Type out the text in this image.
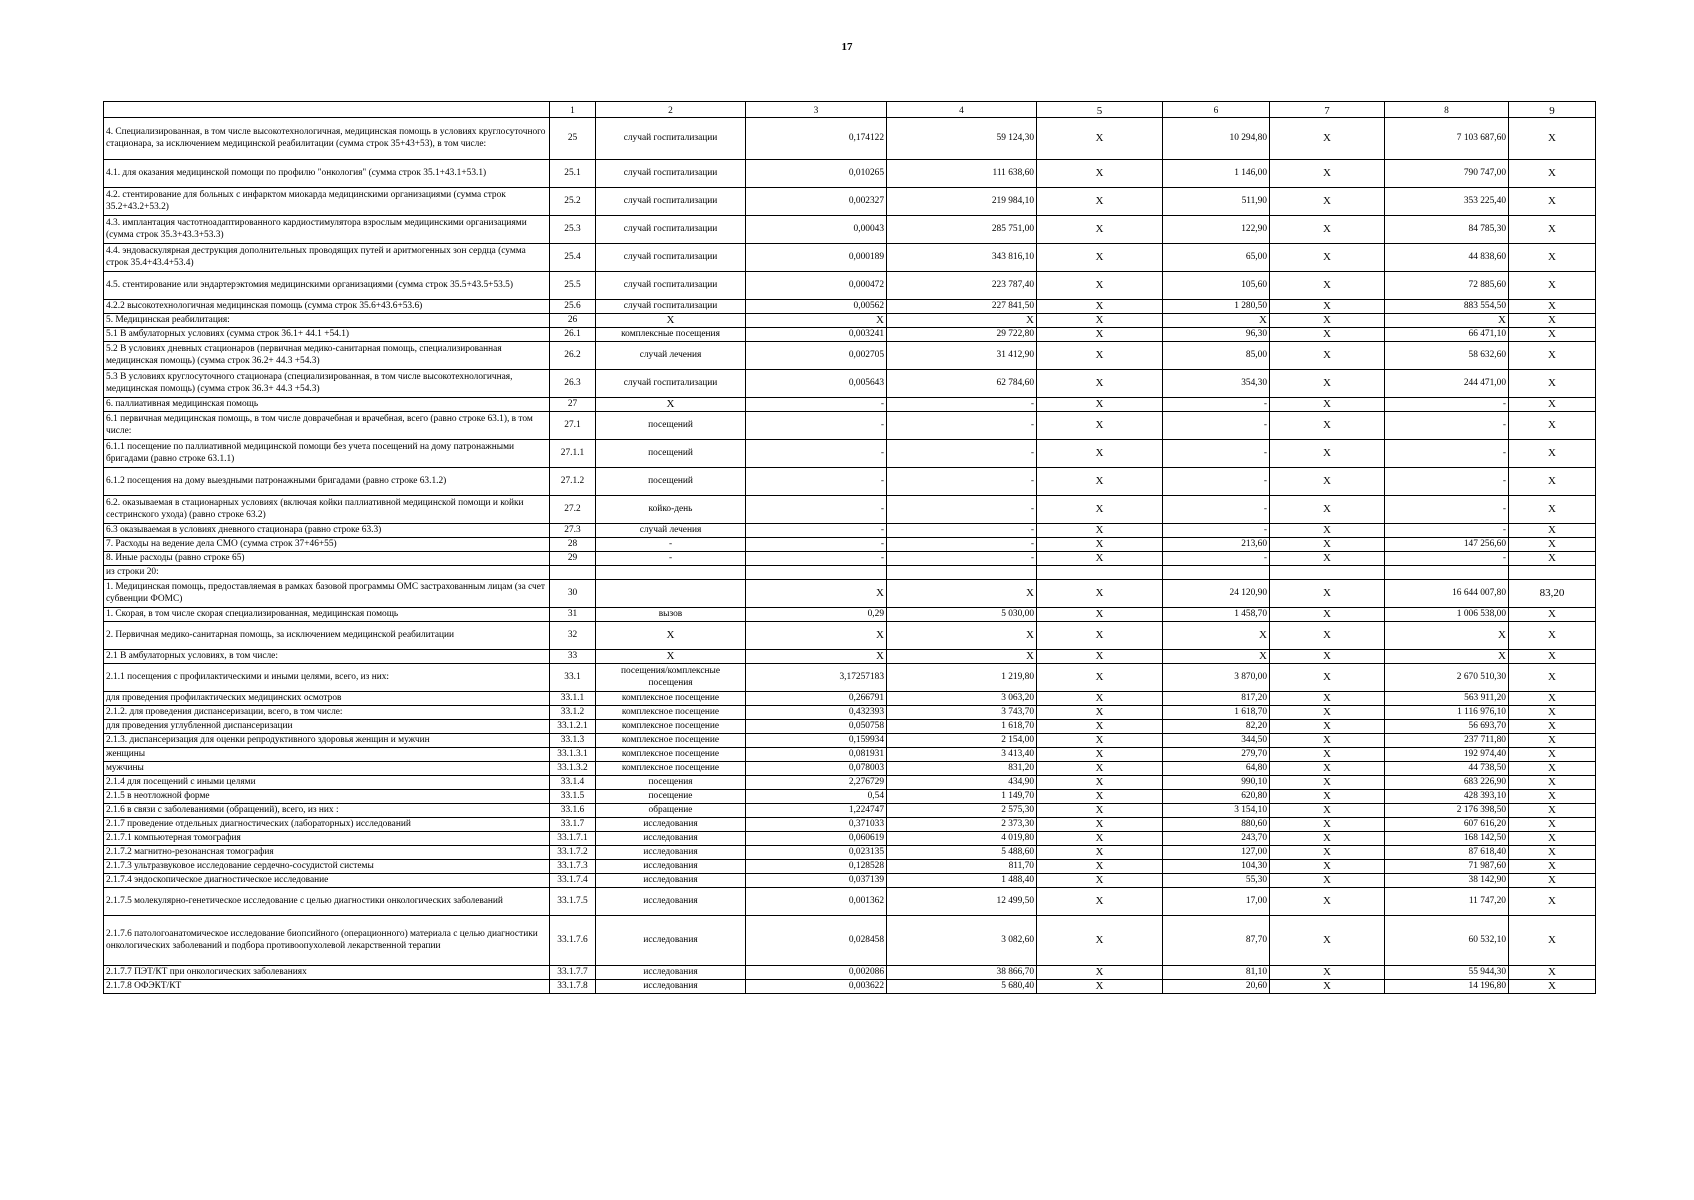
17
	1	2	3	4	5	6	7	8	9
4. Специализированная, в том числе высокотехнологичная, медицинская помощь в условиях круглосуточного стационара, за исключением медицинской реабилитации (сумма строк 35+43+53), в том числе:	25	случай госпитализации	0,174122	59 124,30	X	10 294,80	X	7 103 687,60	X
4.1. для оказания медицинской помощи по профилю "онкология" (сумма строк 35.1+43.1+53.1)	25.1	случай госпитализации	0,010265	111 638,60	X	1 146,00	X	790 747,00	X
4.2. стентирование для больных с инфарктом миокарда медицинскими организациями (сумма строк 35.2+43.2+53.2)	25.2	случай госпитализации	0,002327	219 984,10	X	511,90	X	353 225,40	X
4.3. имплантация частотноадаптированного кардиостимулятора взрослым медицинскими организациями (сумма строк 35.3+43.3+53.3)	25.3	случай госпитализации	0,00043	285 751,00	X	122,90	X	84 785,30	X
4.4. эндоваскулярная деструкция дополнительных проводящих путей и аритмогенных зон сердца (сумма строк 35.4+43.4+53.4)	25.4	случай госпитализации	0,000189	343 816,10	X	65,00	X	44 838,60	X
4.5. стентирование или эндартерэктомия медицинскими организациями (сумма строк 35.5+43.5+53.5)	25.5	случай госпитализации	0,000472	223 787,40	X	105,60	X	72 885,60	X
4.2.2 высокотехнологичная медицинская помощь (сумма строк 35.6+43.6+53.6)	25.6	случай госпитализации	0,00562	227 841,50	X	1 280,50	X	883 554,50	X
5. Медицинская реабилитация:	26	X	X	X	X	X	X	X	X
5.1 В амбулаторных условиях (сумма строк 36.1+ 44.1 +54.1)	26.1	комплексные посещения	0,003241	29 722,80	X	96,30	X	66 471,10	X
5.2 В условиях дневных стационаров (первичная медико-санитарная помощь, специализированная медицинская помощь) (сумма строк 36.2+ 44.3 +54.3)	26.2	случай лечения	0,002705	31 412,90	X	85,00	X	58 632,60	X
5.3 В условиях круглосуточного стационара (специализированная, в том числе высокотехнологичная, медицинская помощь) (сумма строк 36.3+ 44.3 +54.3)	26.3	случай госпитализации	0,005643	62 784,60	X	354,30	X	244 471,00	X
6. паллиативная медицинская помощь	27	X	-	-	X	-	X	-	X
6.1 первичная медицинская помощь, в том числе доврачебная и врачебная, всего (равно строке 63.1), в том числе:	27.1	посещений	-	-	X	-	X	-	X
6.1.1 посещение по паллиативной медицинской помощи без учета посещений на дому патронажными бригадами (равно строке 63.1.1)	27.1.1	посещений	-	-	X	-	X	-	X
6.1.2 посещения на дому выездными патронажными бригадами (равно строке 63.1.2)	27.1.2	посещений	-	-	X	-	X	-	X
6.2. оказываемая в стационарных условиях (включая койки паллиативной медицинской помощи и койки сестринского ухода) (равно строке 63.2)	27.2	койко-день	-	-	X	-	X	-	X
6.3 оказываемая в условиях дневного стационара (равно строке 63.3)	27.3	случай лечения	-	-	X	-	X	-	X
7. Расходы на ведение дела СМО (сумма строк 37+46+55)	28	-	-	-	X	213,60	X	147 256,60	X
8. Иные расходы (равно строке 65)	29	-	-	-	X	-	X	-	X
из строки 20:									
1. Медицинская помощь, предоставляемая в рамках базовой программы ОМС застрахованным лицам (за счет субвенции ФОМС)	30		X	X	X	24 120,90	X	16 644 007,80	83,20
1. Скорая, в том числе скорая специализированная, медицинская помощь	31	вызов	0,29	5 030,00	X	1 458,70	X	1 006 538,00	X
2. Первичная медико-санитарная помощь, за исключением медицинской реабилитации	32	X	X	X	X	X	X	X	X
2.1 В амбулаторных условиях, в том числе:	33	X	X	X	X	X	X	X	X
2.1.1 посещения с профилактическими и иными целями, всего, из них:	33.1	посещения/комплексные посещения	3,17257183	1 219,80	X	3 870,00	X	2 670 510,30	X
для проведения профилактических медицинских осмотров	33.1.1	комплексное посещение	0,266791	3 063,20	X	817,20	X	563 911,20	X
2.1.2. для проведения диспансеризации, всего, в том числе:	33.1.2	комплексное посещение	0,432393	3 743,70	X	1 618,70	X	1 116 976,10	X
для проведения углубленной диспансеризации	33.1.2.1	комплексное посещение	0,050758	1 618,70	X	82,20	X	56 693,70	X
2.1.3. диспансеризация для оценки репродуктивного здоровья женщин и мужчин	33.1.3	комплексное посещение	0,159934	2 154,00	X	344,50	X	237 711,80	X
женщины	33.1.3.1	комплексное посещение	0,081931	3 413,40	X	279,70	X	192 974,40	X
мужчины	33.1.3.2	комплексное посещение	0,078003	831,20	X	64,80	X	44 738,50	X
2.1.4 для посещений с иными целями	33.1.4	посещения	2,276729	434,90	X	990,10	X	683 226,90	X
2.1.5 в неотложной форме	33.1.5	посещение	0,54	1 149,70	X	620,80	X	428 393,10	X
2.1.6 в связи с заболеваниями (обращений), всего, из них :	33.1.6	обращение	1,224747	2 575,30	X	3 154,10	X	2 176 398,50	X
2.1.7 проведение отдельных диагностических (лабораторных) исследований	33.1.7	исследования	0,371033	2 373,30	X	880,60	X	607 616,20	X
2.1.7.1 компьютерная томография	33.1.7.1	исследования	0,060619	4 019,80	X	243,70	X	168 142,50	X
2.1.7.2 магнитно-резонансная томография	33.1.7.2	исследования	0,023135	5 488,60	X	127,00	X	87 618,40	X
2.1.7.3 ультразвуковое исследование сердечно-сосудистой системы	33.1.7.3	исследования	0,128528	811,70	X	104,30	X	71 987,60	X
2.1.7.4 эндоскопическое диагностическое исследование	33.1.7.4	исследования	0,037139	1 488,40	X	55,30	X	38 142,90	X
2.1.7.5 молекулярно-генетическое исследование с целью диагностики онкологических заболеваний	33.1.7.5	исследования	0,001362	12 499,50	X	17,00	X	11 747,20	X
2.1.7.6 патологоанатомическое исследование биопсийного (операционного) материала с целью диагностики онкологических заболеваний и подбора противоопухолевой лекарственной терапии	33.1.7.6	исследования	0,028458	3 082,60	X	87,70	X	60 532,10	X
2.1.7.7 ПЭТ/КТ при онкологических заболеваниях	33.1.7.7	исследования	0,002086	38 866,70	X	81,10	X	55 944,30	X
2.1.7.8 ОФЭКТ/КТ	33.1.7.8	исследования	0,003622	5 680,40	X	20,60	X	14 196,80	X
